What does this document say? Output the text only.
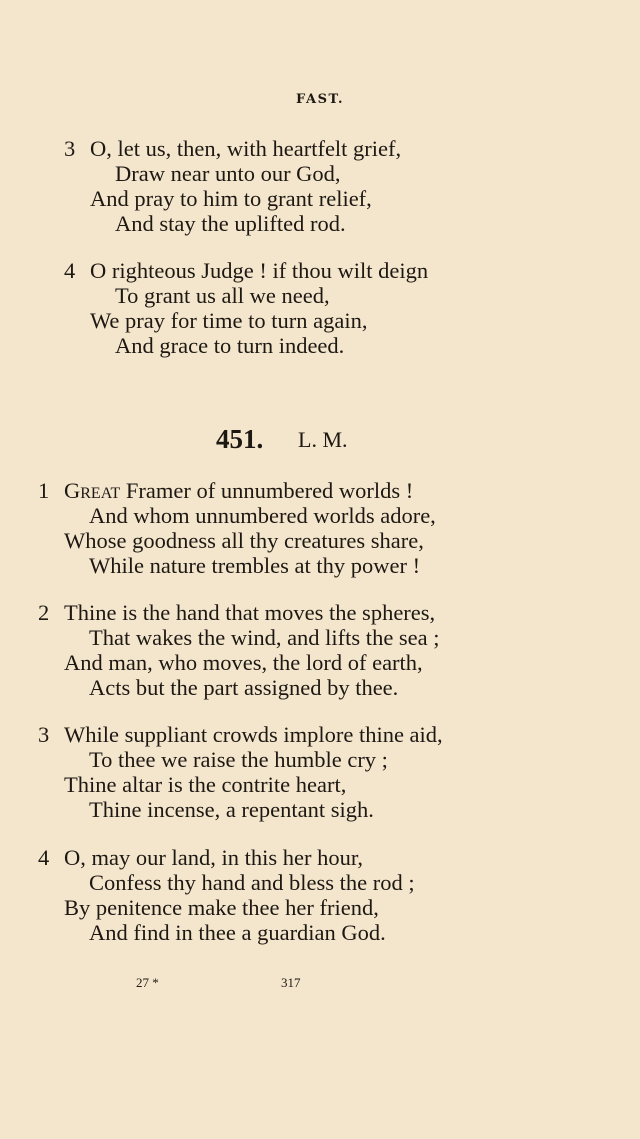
FAST.
3 O, let us, then, with heartfelt grief,
Draw near unto our God,
And pray to him to grant relief,
And stay the uplifted rod.
4 O righteous Judge ! if thou wilt deign
To grant us all we need,
We pray for time to turn again,
And grace to turn indeed.
451. L. M.
1 Great Framer of unnumbered worlds !
And whom unnumbered worlds adore,
Whose goodness all thy creatures share,
While nature trembles at thy power !
2 Thine is the hand that moves the spheres,
That wakes the wind, and lifts the sea ;
And man, who moves, the lord of earth,
Acts but the part assigned by thee.
3 While suppliant crowds implore thine aid,
To thee we raise the humble cry ;
Thine altar is the contrite heart,
Thine incense, a repentant sigh.
4 O, may our land, in this her hour,
Confess thy hand and bless the rod ;
By penitence make thee her friend,
And find in thee a guardian God.
27 *	317
